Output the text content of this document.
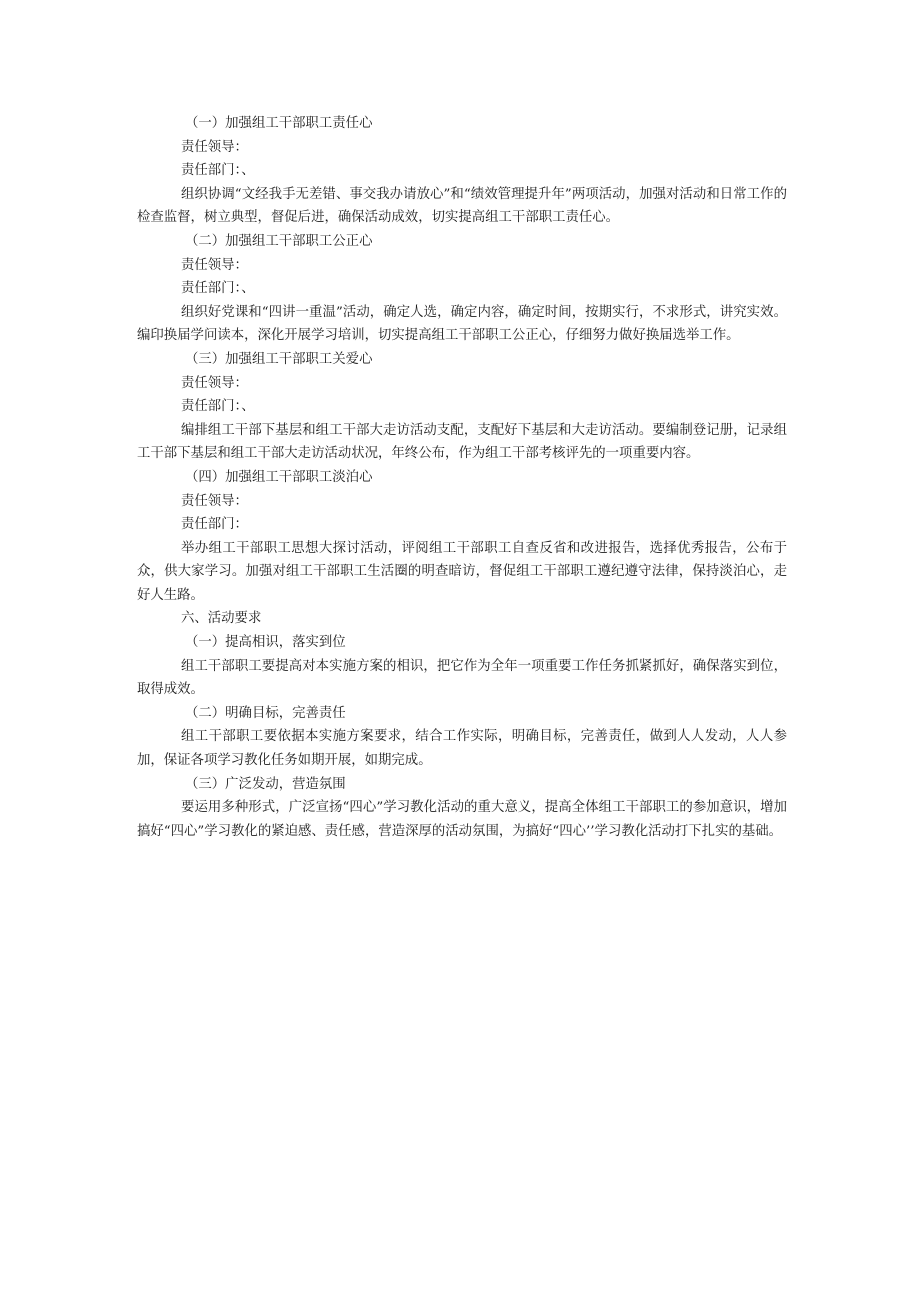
（一）加强组工干部职工责任心
责任领导：
责任部门：、

组织协调“文经我手无差错、事交我办请放心”和“绩效管理提升年”两项活动，加强对活动和日常工作的检查监督，树立典型，督促后进，确保活动成效，切实提高组工干部职工责任心。

（二）加强组工干部职工公正心
责任领导：
责任部门：、

组织好党课和“四讲一重温”活动，确定人选，确定内容，确定时间，按期实行，不求形式，讲究实效。编印换届学问读本，深化开展学习培训，切实提高组工干部职工公正心，仔细努力做好换届选举工作。

（三）加强组工干部职工关爱心
责任领导：
责任部门：、

编排组工干部下基层和组工干部大走访活动支配，支配好下基层和大走访活动。要编制登记册，记录组工干部下基层和组工干部大走访活动状况，年终公布，作为组工干部考核评先的一项重要内容。

（四）加强组工干部职工淡泊心
责任领导：
责任部门：

举办组工干部职工思想大探讨活动，评阅组工干部职工自查反省和改进报告，选择优秀报告，公布于众，供大家学习。加强对组工干部职工生活圈的明查暗访，督促组工干部职工遵纪遵守法律，保持淡泊心，走好人生路。

六、活动要求
（一）提高相识，落实到位

组工干部职工要提高对本实施方案的相识，把它作为全年一项重要工作任务抓紧抓好，确保落实到位，取得成效。

（二）明确目标，完善责任

组工干部职工要依据本实施方案要求，结合工作实际，明确目标，完善责任，做到人人发动，人人参加，保证各项学习教化任务如期开展，如期完成。

（三）广泛发动，营造氛围

要运用多种形式，广泛宣扬“四心”学习教化活动的重大意义，提高全体组工干部职工的参加意识，增加搞好“四心”学习教化的紧迫感、责任感，营造深厚的活动氛围，为搞好“四心’’学习教化活动打下扎实的基础。
